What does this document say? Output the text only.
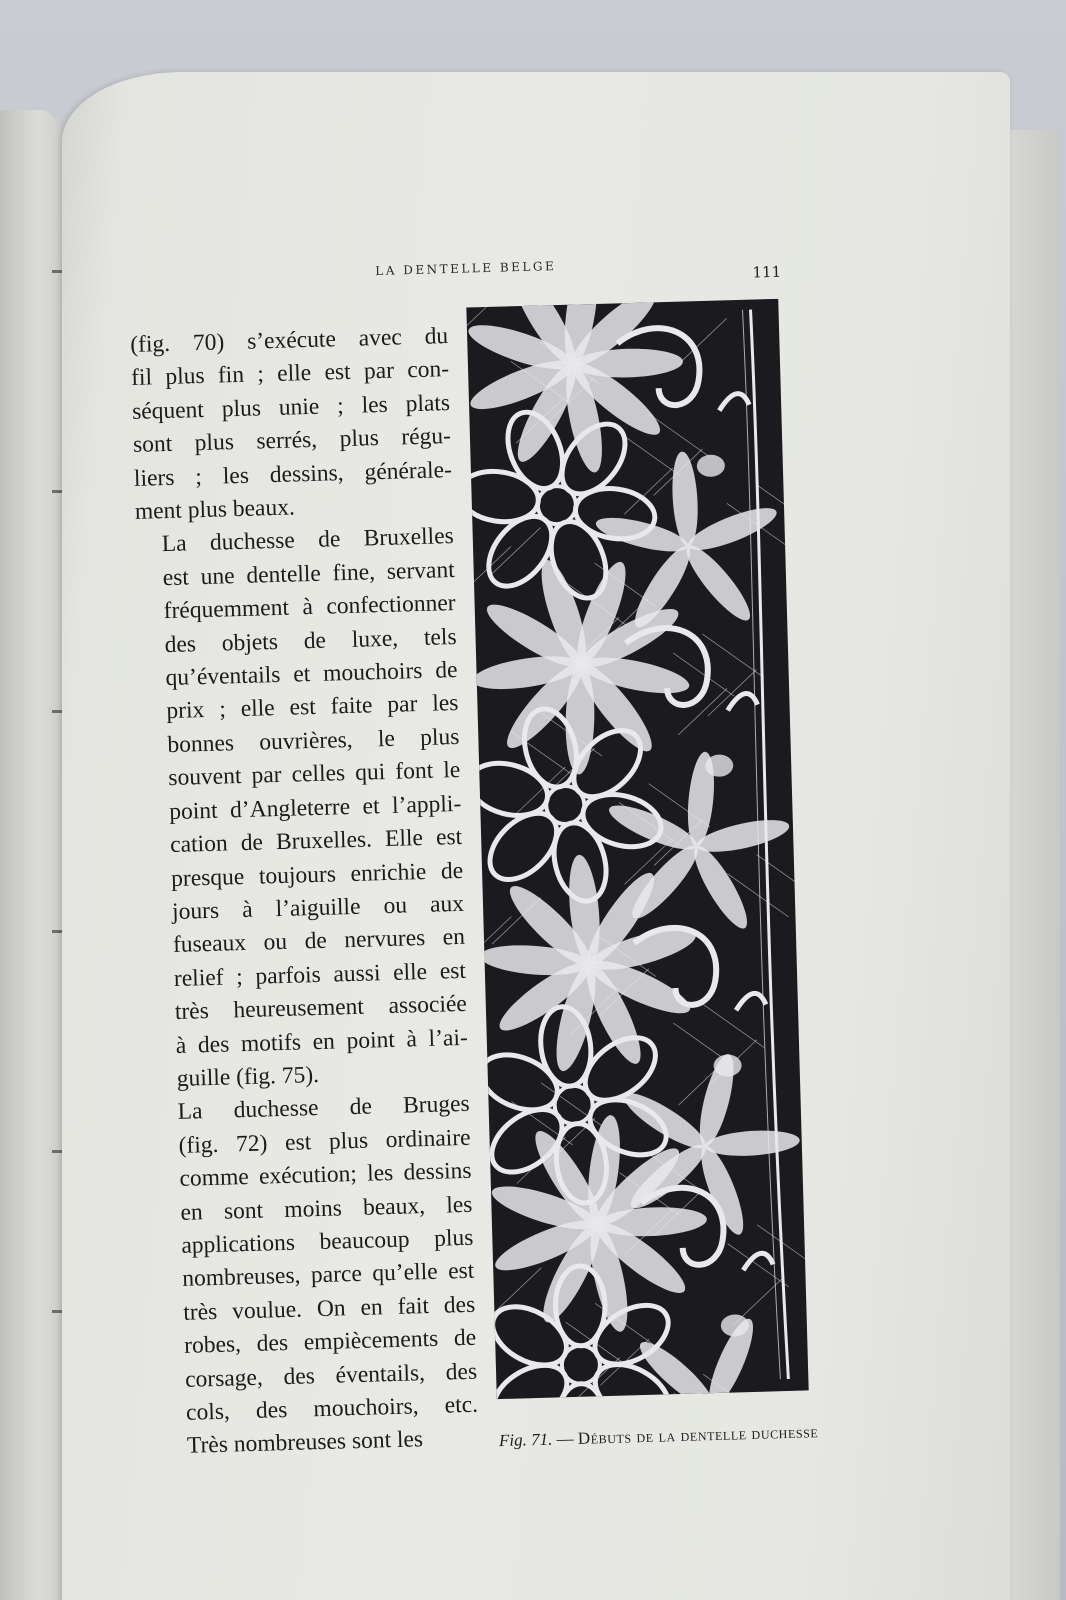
LA DENTELLE BELGE	111

(fig. 70) s’exécute avec du
fil plus fin ; elle est par con-
séquent plus unie ; les plats
sont plus serrés, plus régu-
liers ; les dessins, générale-
ment plus beaux.

La duchesse de Bruxelles
est une dentelle fine, servant
fréquemment à confectionner
des objets de luxe, tels
qu’éventails et mouchoirs de
prix ; elle est faite par les
bonnes ouvrières, le plus
souvent par celles qui font le
point d’Angleterre et l’appli-
cation de Bruxelles. Elle est
presque toujours enrichie de
jours à l’aiguille ou aux
fuseaux ou de nervures en
relief ; parfois aussi elle est
très heureusement associée
à des motifs en point à l’ai-
guille (fig. 75).

La duchesse de Bruges
(fig. 72) est plus ordinaire
comme exécution; les dessins
en sont moins beaux, les
applications beaucoup plus
nombreuses, parce qu’elle est
très voulue. On en fait des
robes, des empiècements de
corsage, des éventails, des
cols, des mouchoirs, etc.
Très nombreuses sont les	Fig. 71. — Débuts de la dentelle duchesse
